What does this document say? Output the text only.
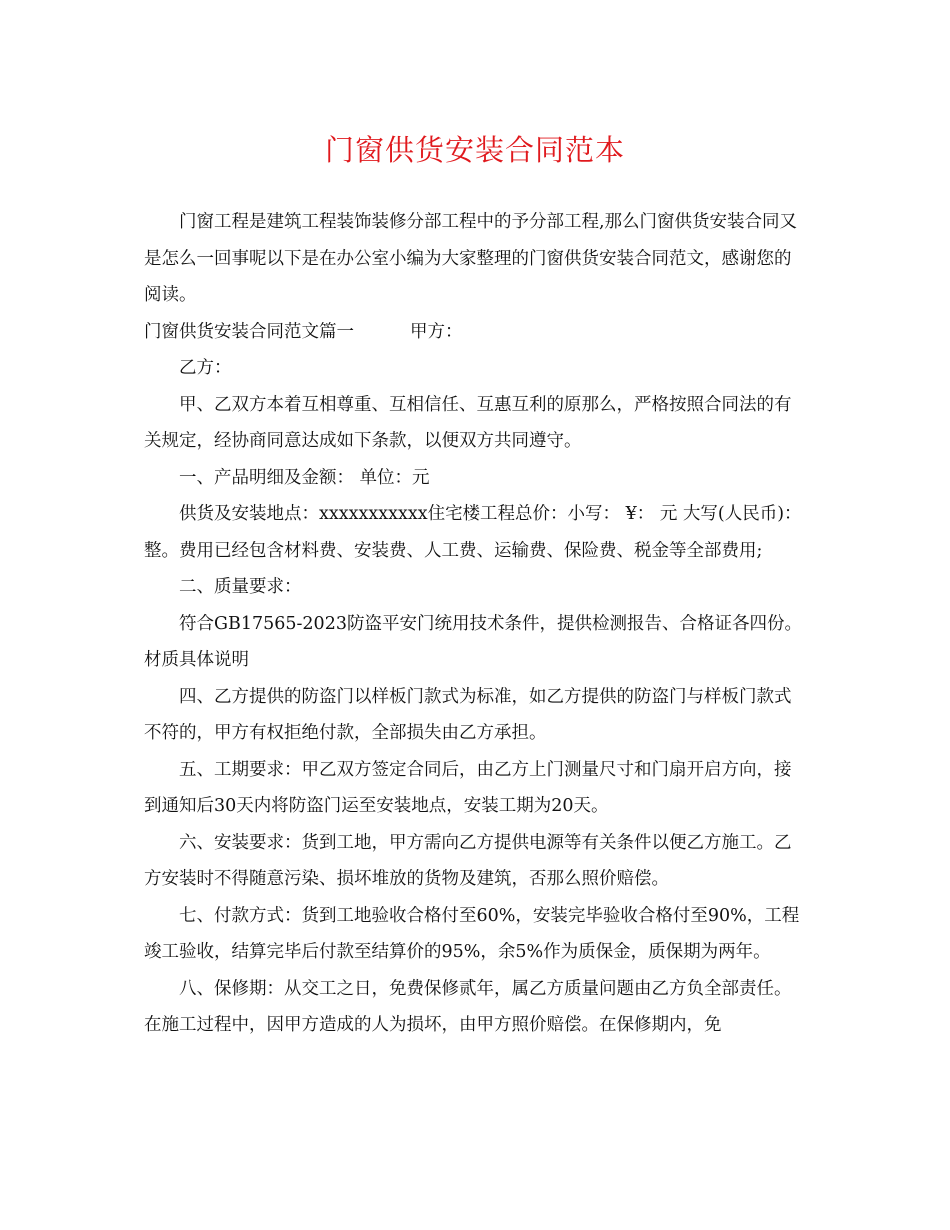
门窗供货安装合同范本

门窗工程是建筑工程装饰装修分部工程中的予分部工程,那么门窗供货安装合同又是怎么一回事呢以下是在办公室小编为大家整理的门窗供货安装合同范文，感谢您的阅读。

门窗供货安装合同范文篇一	甲方：

乙方：

甲、乙双方本着互相尊重、互相信任、互惠互利的原那么，严格按照合同法的有关规定，经协商同意达成如下条款，以便双方共同遵守。

一、产品明细及金额： 单位：元

供货及安装地点：xxxxxxxxxxx住宅楼工程总价：小写： ¥： 元 大写(人民币)： 整。费用已经包含材料费、安装费、人工费、运输费、保险费、税金等全部费用;

二、质量要求：

符合GB17565-2023防盗平安门统用技术条件，提供检测报告、合格证各四份。材质具体说明

四、乙方提供的防盗门以样板门款式为标准，如乙方提供的防盗门与样板门款式不符的，甲方有权拒绝付款，全部损失由乙方承担。

五、工期要求：甲乙双方签定合同后，由乙方上门测量尺寸和门扇开启方向，接到通知后30天内将防盗门运至安装地点，安装工期为20天。

六、安装要求：货到工地，甲方需向乙方提供电源等有关条件以便乙方施工。乙方安装时不得随意污染、损坏堆放的货物及建筑，否那么照价赔偿。

七、付款方式：货到工地验收合格付至60%，安装完毕验收合格付至90%，工程竣工验收，结算完毕后付款至结算价的95%，余5%作为质保金，质保期为两年。

八、保修期：从交工之日，免费保修贰年，属乙方质量问题由乙方负全部责任。在施工过程中，因甲方造成的人为损坏，由甲方照价赔偿。在保修期内，免
